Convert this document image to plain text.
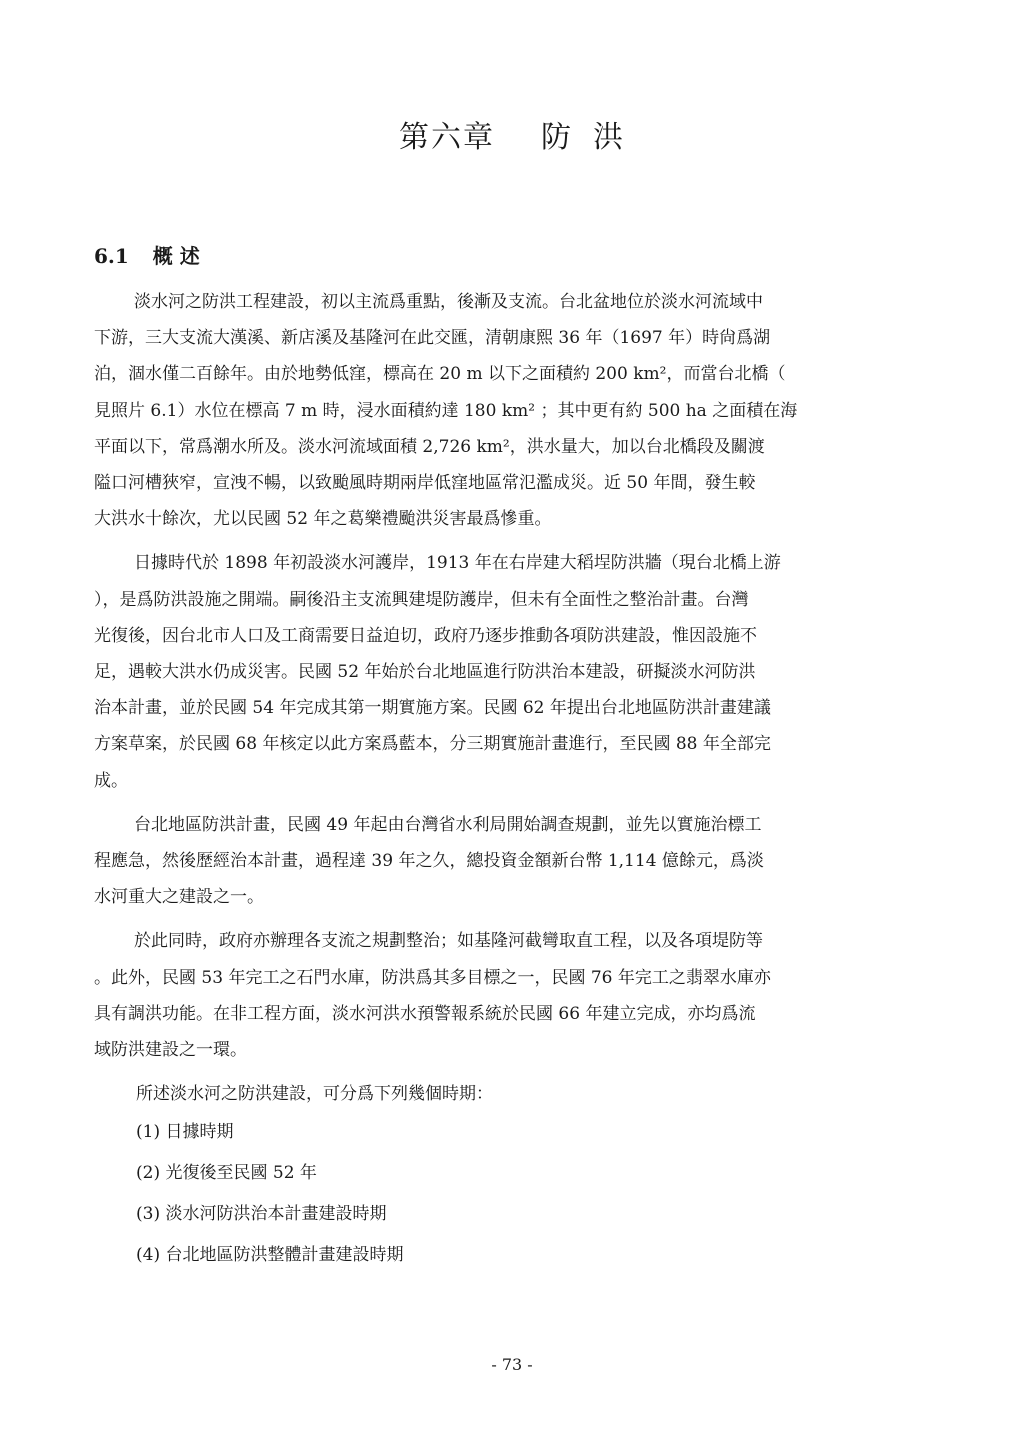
第六章 防 洪
6.1 概 述

淡水河之防洪工程建設，初以主流爲重點，後漸及支流。台北盆地位於淡水河流域中
下游，三大支流大漢溪、新店溪及基隆河在此交匯，清朝康熙 36 年（1697 年）時尙爲湖
泊，涸水僅二百餘年。由於地勢低窪，標高在 20 m 以下之面積約 200 km²，而當台北橋（
見照片 6.1）水位在標高 7 m 時，浸水面積約達 180 km² ；其中更有約 500 ha 之面積在海
平面以下，常爲潮水所及。淡水河流域面積 2,726 km²，洪水量大，加以台北橋段及關渡
隘口河槽狹窄，宣洩不暢，以致颱風時期兩岸低窪地區常氾濫成災。近 50 年間，發生較
大洪水十餘次，尤以民國 52 年之葛樂禮颱洪災害最爲慘重。

日據時代於 1898 年初設淡水河護岸，1913 年在右岸建大稻埕防洪牆（現台北橋上游
），是爲防洪設施之開端。嗣後沿主支流興建堤防護岸，但未有全面性之整治計畫。台灣
光復後，因台北市人口及工商需要日益迫切，政府乃逐步推動各項防洪建設，惟因設施不
足，遇較大洪水仍成災害。民國 52 年始於台北地區進行防洪治本建設，研擬淡水河防洪
治本計畫，並於民國 54 年完成其第一期實施方案。民國 62 年提出台北地區防洪計畫建議
方案草案，於民國 68 年核定以此方案爲藍本，分三期實施計畫進行，至民國 88 年全部完
成。

台北地區防洪計畫，民國 49 年起由台灣省水利局開始調查規劃，並先以實施治標工
程應急，然後歷經治本計畫，過程達 39 年之久，總投資金額新台幣 1,114 億餘元，爲淡
水河重大之建設之一。

於此同時，政府亦辦理各支流之規劃整治；如基隆河截彎取直工程，以及各項堤防等
。此外，民國 53 年完工之石門水庫，防洪爲其多目標之一，民國 76 年完工之翡翠水庫亦
具有調洪功能。在非工程方面，淡水河洪水預警報系統於民國 66 年建立完成，亦均爲流
域防洪建設之一環。

所述淡水河之防洪建設，可分爲下列幾個時期：
(1) 日據時期
(2) 光復後至民國 52 年
(3) 淡水河防洪治本計畫建設時期
(4) 台北地區防洪整體計畫建設時期
- 73 -
